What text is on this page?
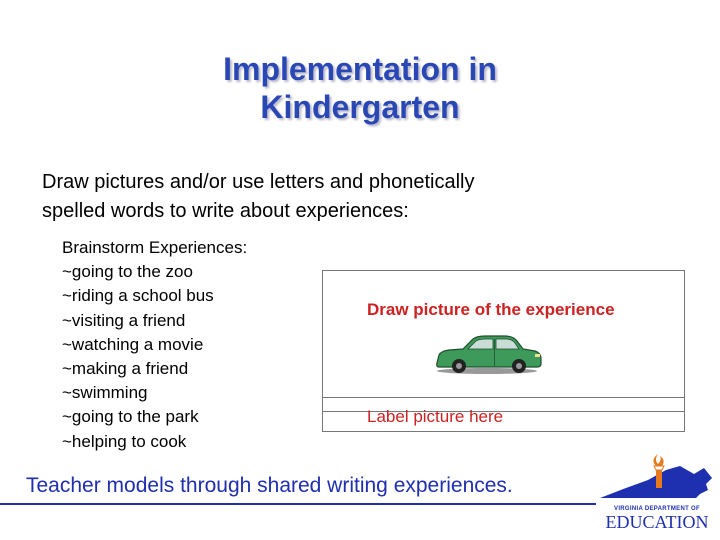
Implementation in
Kindergarten
Draw pictures and/or use letters and phonetically
spelled words to write about experiences:
Brainstorm Experiences:
~going to the zoo
~riding a school bus
~visiting a friend
~watching a movie
~making a friend
~swimming
~going to the park
~helping to cook
Draw picture of the experience
Label picture here
Teacher models through shared writing experiences.
VIRGINIA DEPARTMENT OF
EDUCATION
